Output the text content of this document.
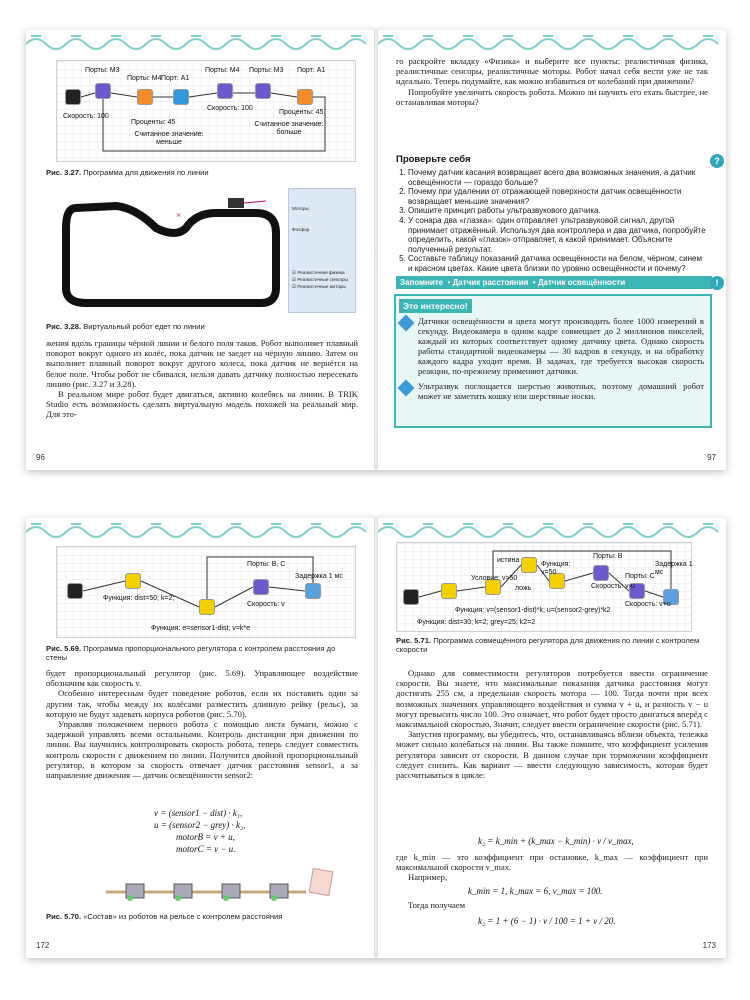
Порты: M3
Порты: M4 Порт: A1
Порты: M4 Порты: M3 Порт: A1
Скорость: 100
Проценты: 45
Скорость: 100
Проценты: 45
Считанное значение: меньше
Считанное значение: больше
Рис. 3.27. Программа для движения по линии
×
Моторы
Фосфор
☑ Реалистичная физика
☑ Реалистичные сенсоры
☑ Реалистичные моторы
Рис. 3.28. Виртуальный робот едет по линии

жения вдоль границы чёрной линии и белого поля таков. Робот выполняет плавный поворот вокруг одного из колёс, пока датчик не заедет на чёрную линию. Затем он выполняет плавный поворот вокруг другого колеса, пока датчик не вернётся на белое поле. Чтобы робот не сбивался, нельзя давать датчику полностью пересекать линию (рис. 3.27 и 3.28).

В реальном мире робот будет двигаться, активно колебясь на линии. В TRIK Studio есть возможность сделать виртуальную модель похожей на реальный мир. Для это-

96

го раскройте вкладку «Физика» и выберите все пункты: реалистичная физика, реалистичные сенсоры, реалистичные моторы. Робот начал себя вести уже не так идеально. Теперь подумайте, как можно избавиться от колебаний при движении?

Попробуйте увеличить скорость робота. Можно ли научить его ехать быстрее, не останавливая моторы?

Проверьте себя	?
1. Почему датчик касания возвращает всего два возможных значения, а датчик освещённости — гораздо больше?
2. Почему при удалении от отражающей поверхности датчик освещённости возвращает меньшие значения?
3. Опишите принцип работы ультразвукового датчика.
4. У сонара два «глазка»: один отправляет ультразвуковой сигнал, другой принимает отражённый. Используя два контроллера и два датчика, попробуйте определить, какой «глазок» отправляет, а какой принимает. Объясните полученный результат.
5. Составьте таблицу показаний датчика освещённости на белом, чёрном, синем и красном цветах. Какие цвета близки по уровню освещённости и почему?
Запомните  • Датчик расстояния  • Датчик освещённости	!
Это интересно!
Датчики освещённости и цвета могут производить более 1000 измерений в секунду. Видеокамера в одном кадре совмещает до 2 миллионов пикселей, каждый из которых соответствует одному датчику цвета. Однако скорость работы стандартной видеокамеры — 30 кадров в секунду, и на обработку каждого кадра уходит время. В задачах, где требуется высокая скорость реакции, по-прежнему применяют датчики.
Ультразвук поглощается шерстью животных, поэтому домашний робот может не заметить кошку или шерстяные носки.
97
Порты: B, C
Задержка 1 мс
Функция: dist=50; k=2;
Скорость: v
Функция: e=sensor1-dist; v=k*e
Рис. 5.69. Программа пропорционального регулятора с контролем расстояния до стены

будет пропорциональный регулятор (рис. 5.69). Управляющее воздействие обозначим как скорость v.

Особенно интересным будет поведение роботов, если их поставить один за другим так, чтобы между их колёсами разместить длинную рейку (рельс), за которую не будут задевать корпуса роботов (рис. 5.70).

Управляя положением первого робота с помощью листа бумаги, можно с задержкой управлять всеми остальными. Контроль дистанции при движении по линии. Вы научились контролировать скорость робота, теперь следует совместить контроль скорости с движением по линии. Получится двойной пропорциональный регулятор, в котором за скорость отвечает датчик расстояния sensor1, а за направление движения — датчик освещённости sensor2:

v = (sensor1 − dist) · k₁,
u = (sensor2 − grey) · k₂,
motorB = v + u,
motorC = v − u.
Рис. 5.70. «Состав» из роботов на рельсе с контролем расстояния
172
Порты: B
Задержка 1 мс
истина
ложь
Условие: v>50
Функция: v=50
Функция: v=(sensor1-dist)*k; u=(sensor2-grey)*k2
Порты: C
Скорость: v-u
Скорость: v+u
Функция: dist=30; k=2; grey=25; k2=2
Рис. 5.71. Программа совмещённого регулятора для движения по линии с контролем скорости

Однако для совместимости регуляторов потребуется ввести ограничение скорости. Вы знаете, что максимальные показания датчика расстояния могут достигать 255 см, а предельная скорость мотора — 100. Тогда почти при всех возможных значениях управляющего воздействия и сумма v + u, и разность v − u могут превысить число 100. Это означает, что робот будет просто двигаться вперёд с максимальной скоростью. Значит, следует ввести ограничение скорости (рис. 5.71).

Запустив программу, вы убедитесь, что, останавливаясь вблизи объекта, тележка может сильно колебаться на линии. Вы также помните, что коэффициент усиления регулятора зависит от скорости. В данном случае при торможении коэффициент следует снизить. Как вариант — ввести следующую зависимость, которая будет рассчитываться в цикле:

k₂ = k_min + (k_max − k_min) · v / v_max,

где k_min — это коэффициент при остановке, k_max — коэффициент при максимальной скорости v_max.

Например,

k_min = 1, k_max = 6, v_max = 100.

Тогда получаем

k₂ = 1 + (6 − 1) · v / 100 = 1 + v / 20.
173
